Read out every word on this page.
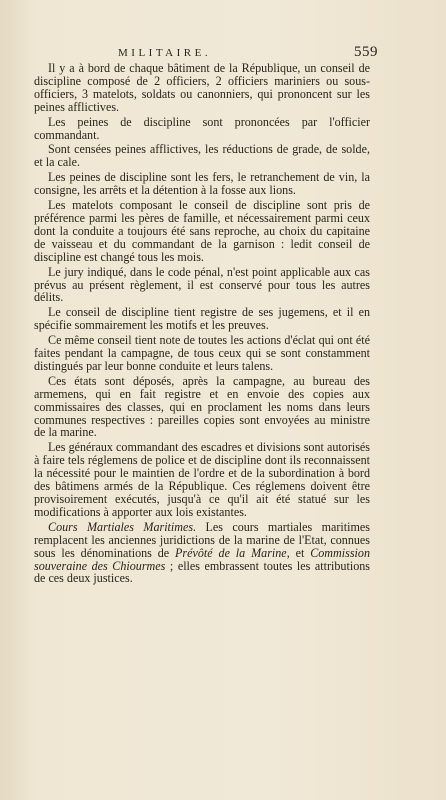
MILITAIRE.	559

Il y a à bord de chaque bâtiment de la République, un conseil de discipline composé de 2 officiers, 2 officiers mariniers ou sous-officiers, 3 matelots, soldats ou canonniers, qui prononcent sur les peines afflictives.

Les peines de discipline sont prononcées par l'officier commandant.

Sont censées peines afflictives, les réductions de grade, de solde, et la cale.

Les peines de discipline sont les fers, le retranchement de vin, la consigne, les arrêts et la détention à la fosse aux lions.

Les matelots composant le conseil de discipline sont pris de préférence parmi les pères de famille, et nécessairement parmi ceux dont la conduite a toujours été sans reproche, au choix du capitaine de vaisseau et du commandant de la garnison : ledit conseil de discipline est changé tous les mois.

Le jury indiqué, dans le code pénal, n'est point applicable aux cas prévus au présent règlement, il est conservé pour tous les autres délits.

Le conseil de discipline tient registre de ses jugemens, et il en spécifie sommairement les motifs et les preuves.

Ce même conseil tient note de toutes les actions d'éclat qui ont été faites pendant la campagne, de tous ceux qui se sont constamment distingués par leur bonne conduite et leurs talens.

Ces états sont déposés, après la campagne, au bureau des armemens, qui en fait registre et en envoie des copies aux commissaires des classes, qui en proclament les noms dans leurs communes respectives : pareilles copies sont envoyées au ministre de la marine.

Les généraux commandant des escadres et divisions sont autorisés à faire tels réglemens de police et de discipline dont ils reconnaissent la nécessité pour le maintien de l'ordre et de la subordination à bord des bâtimens armés de la République. Ces réglemens doivent être provisoirement exécutés, jusqu'à ce qu'il ait été statué sur les modifications à apporter aux lois existantes.

Cours Martiales Maritimes. Les cours martiales maritimes remplacent les anciennes juridictions de la marine de l'Etat, connues sous les dénominations de Prévôté de la Marine, et Commission souveraine des Chiourmes ; elles embrassent toutes les attributions de ces deux justices.
